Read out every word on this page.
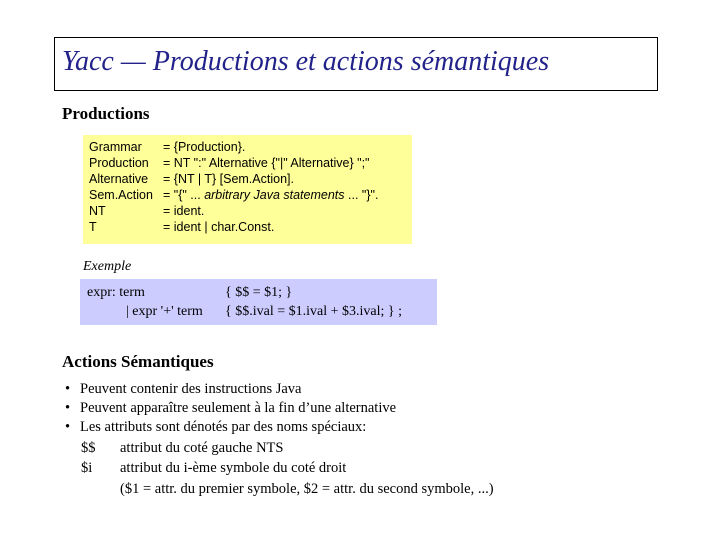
Yacc — Productions et actions sémantiques
Productions
Grammar = {Production}.
Production = NT ":" Alternative {"|" Alternative} ";"
Alternative = {NT | T} [Sem.Action].
Sem.Action = "{" ... arbitrary Java statements ... "}".
NT	= ident.
T	= ident | char.Const.
Exemple
expr: term	{ $$ = $1; }
| expr '+' term { $$.ival = $1.ival + $3.ival; } ;
Actions Sémantiques
• Peuvent contenir des instructions Java
• Peuvent apparaître seulement à la fin d’une alternative
• Les attributs sont dénotés par des noms spéciaux:
$$ attribut du coté gauche NTS
$i attribut du i-ème symbole du coté droit
($1 = attr. du premier symbole, $2 = attr. du second symbole, ...)
